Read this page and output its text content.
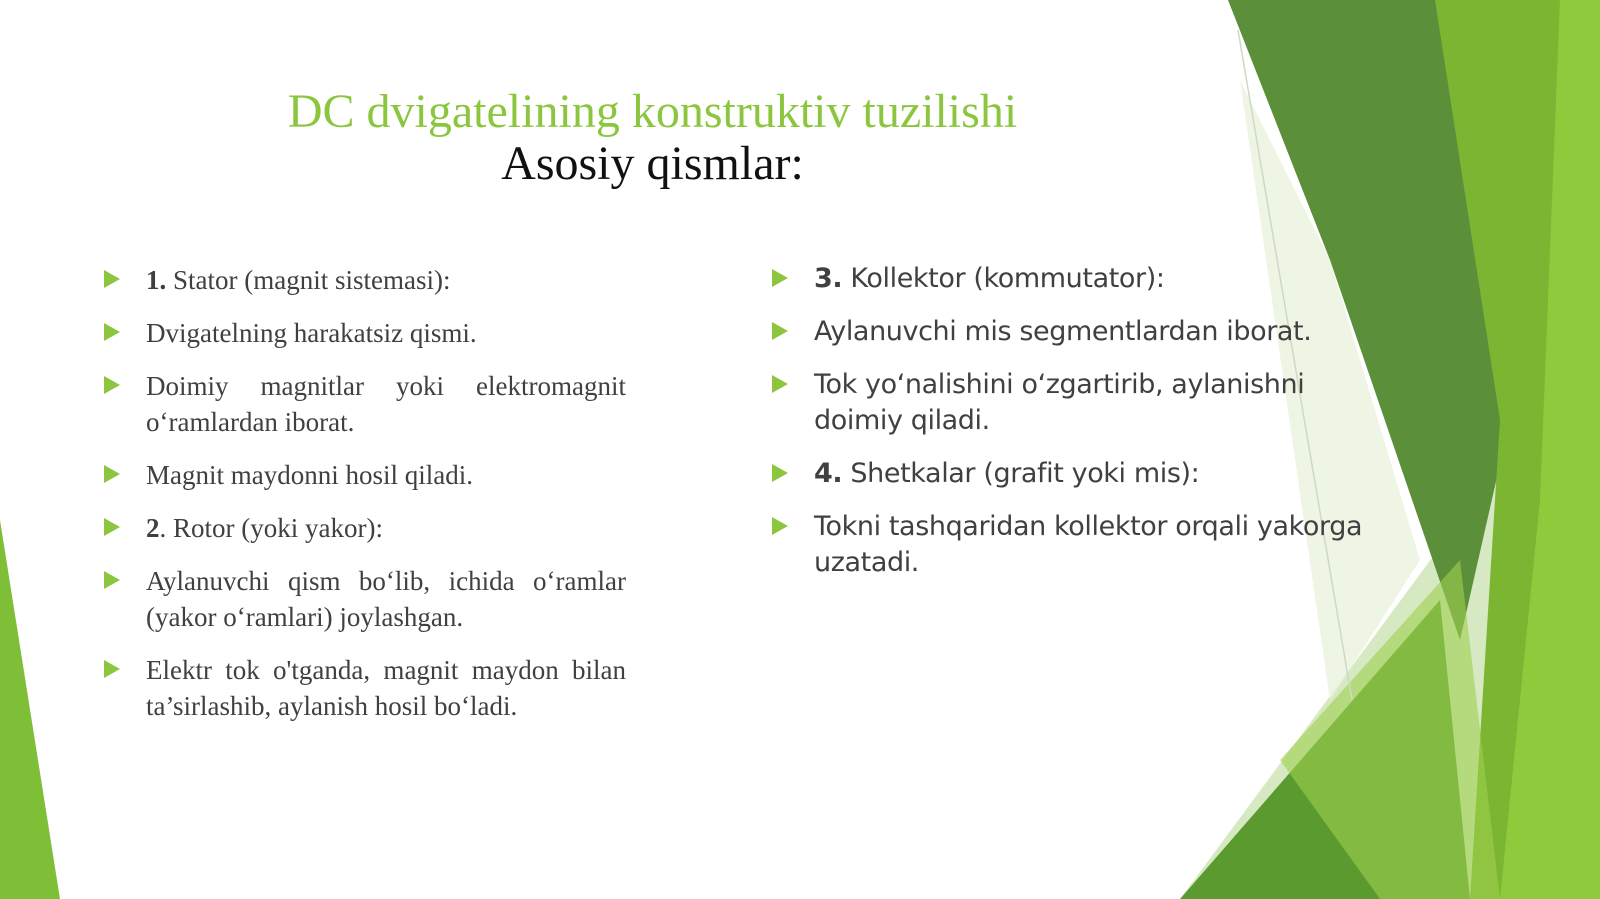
DC dvigatelining konstruktiv tuzilishi
Asosiy qismlar:
1. Stator (magnit sistemasi):
Dvigatelning harakatsiz qismi.
Doimiy magnitlar yoki elektromagnit o‘ramlardan iborat.
Magnit maydonni hosil qiladi.
2. Rotor (yoki yakor):
Aylanuvchi qism bo‘lib, ichida o‘ramlar (yakor o‘ramlari) joylashgan.
Elektr tok o'tganda, magnit maydon bilan ta’sirlashib, aylanish hosil bo‘ladi.
3. Kollektor (kommutator):
Aylanuvchi mis segmentlardan iborat.
Tok yo‘nalishini o‘zgartirib, aylanishni doimiy qiladi.
4. Shetkalar (grafit yoki mis):
Tokni tashqaridan kollektor orqali yakorga uzatadi.
